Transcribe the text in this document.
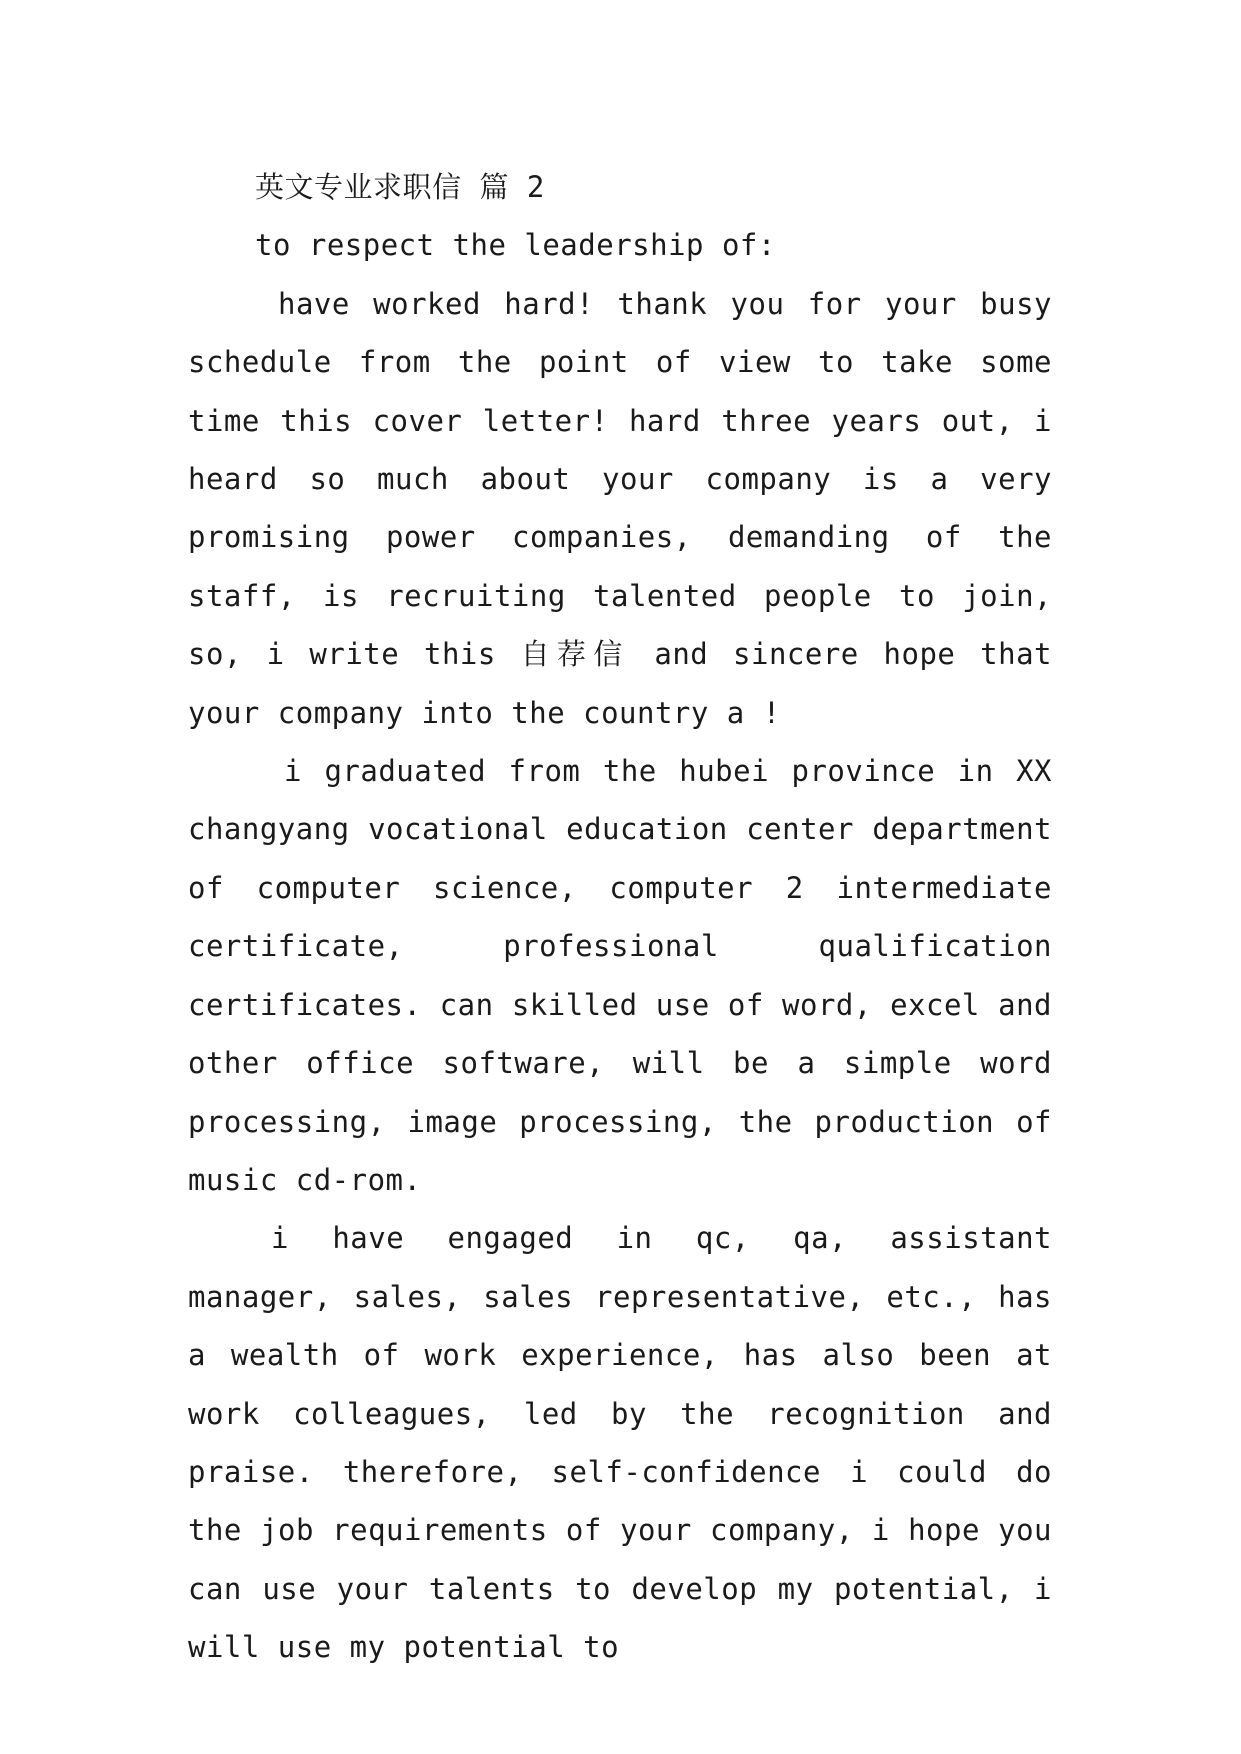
英文专业求职信 篇 2

to respect the leadership of:

have worked hard! thank you for your busy schedule from the point of view to take some time this cover letter! hard three years out, i heard so much about your company is a very promising power companies, demanding of the staff, is recruiting talented people to join, so, i write this 自荐信 and sincere hope that your company into the country a !

i graduated from the hubei province in XX changyang vocational education center department of computer science, computer 2 intermediate certificate, professional qualification certificates. can skilled use of word, excel and other office software, will be a simple word processing, image processing, the production of music cd-rom.

i have engaged in qc, qa, assistant manager, sales, sales representative, etc., has a wealth of work experience, has also been at work colleagues, led by the recognition and praise. therefore, self-confidence i could do the job requirements of your company, i hope you can use your talents to develop my potential, i will use my potential to
